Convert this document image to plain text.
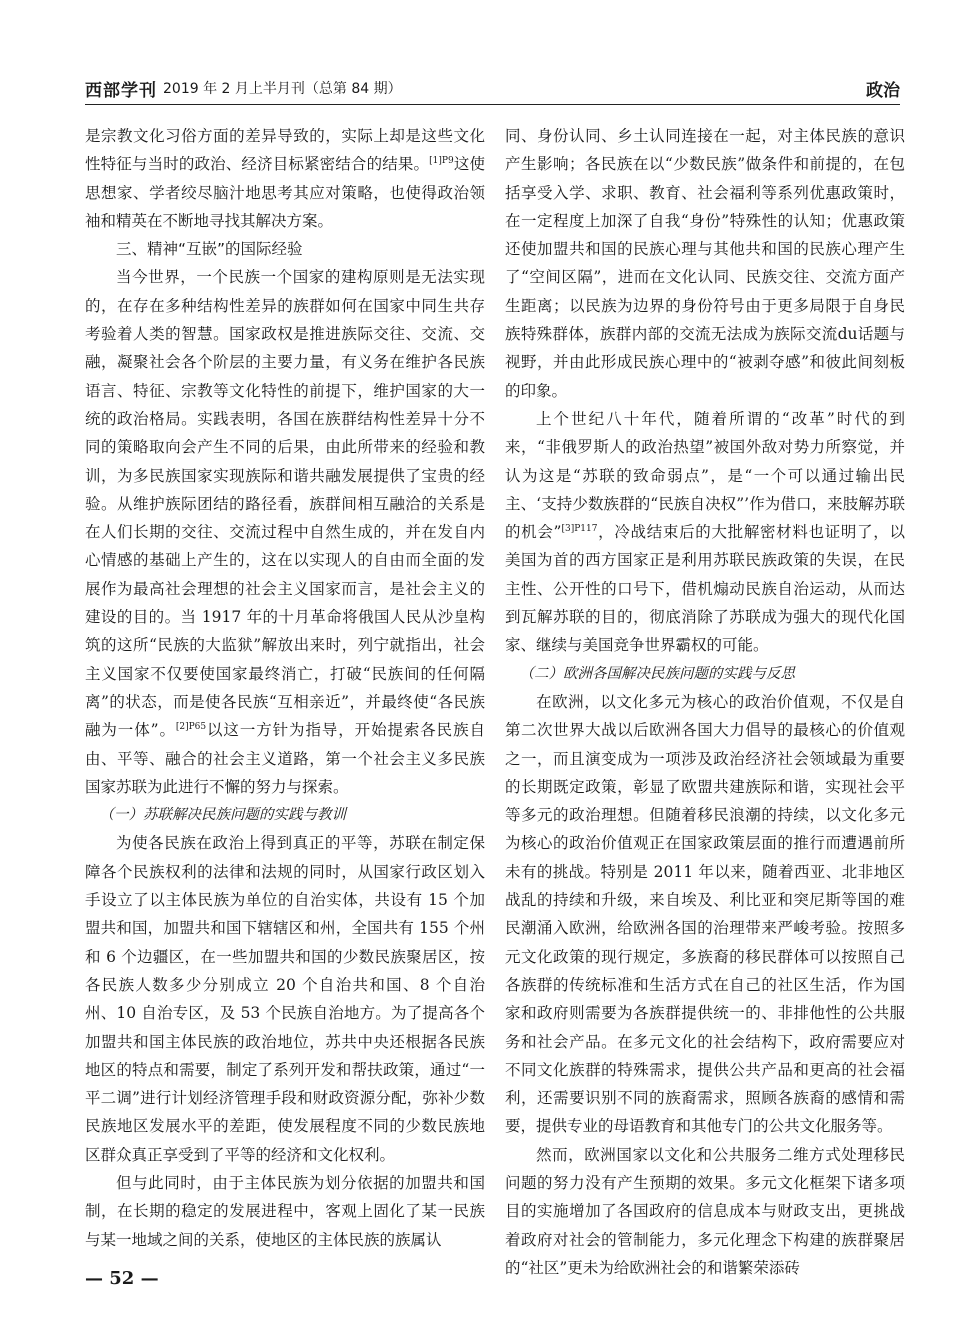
西部学刊 2019 年 2 月上半月刊（总第 84 期）	政治

是宗教文化习俗方面的差异导致的，实际上却是这些文化性特征与当时的政治、经济目标紧密结合的结果。$^{[1]P9}$这使思想家、学者绞尽脑汁地思考其应对策略，也使得政治领袖和精英在不断地寻找其解决方案。

三、精神“互嵌”的国际经验

当今世界，一个民族一个国家的建构原则是无法实现的，在存在多种结构性差异的族群如何在国家中同生共存考验着人类的智慧。国家政权是推进族际交往、交流、交融，凝聚社会各个阶层的主要力量，有义务在维护各民族语言、特征、宗教等文化特性的前提下，维护国家的大一统的政治格局。实践表明，各国在族群结构性差异十分不同的策略取向会产生不同的后果，由此所带来的经验和教训，为多民族国家实现族际和谐共融发展提供了宝贵的经验。从维护族际团结的路径看，族群间相互融洽的关系是在人们长期的交往、交流过程中自然生成的，并在发自内心情感的基础上产生的，这在以实现人的自由而全面的发展作为最高社会理想的社会主义国家而言，是社会主义的建设的目的。当 1917 年的十月革命将俄国人民从沙皇构筑的这所“民族的大监狱”解放出来时，列宁就指出，社会主义国家不仅要使国家最终消亡，打破“民族间的任何隔离”的状态，而是使各民族“互相亲近”，并最终使“各民族融为一体”。$^{[2]P65}$以这一方针为指导，开始提索各民族自由、平等、融合的社会主义道路，第一个社会主义多民族国家苏联为此进行不懈的努力与探索。

（一）苏联解决民族问题的实践与教训

为使各民族在政治上得到真正的平等，苏联在制定保障各个民族权利的法律和法规的同时，从国家行政区划入手设立了以主体民族为单位的自治实体，共设有 15 个加盟共和国，加盟共和国下辖辖区和州，全国共有 155 个州和 6 个边疆区，在一些加盟共和国的少数民族聚居区，按各民族人数多少分别成立 20 个自治共和国、8 个自治州、10 自治专区，及 53 个民族自治地方。为了提高各个加盟共和国主体民族的政治地位，苏共中央还根据各民族地区的特点和需要，制定了系列开发和帮扶政策，通过“一平二调”进行计划经济管理手段和财政资源分配，弥补少数民族地区发展水平的差距，使发展程度不同的少数民族地区群众真正享受到了平等的经济和文化权利。

但与此同时，由于主体民族为划分依据的加盟共和国制，在长期的稳定的发展进程中，客观上固化了某一民族与某一地域之间的关系，使地区的主体民族的族属认

同、身份认同、乡土认同连接在一起，对主体民族的意识产生影响；各民族在以“少数民族”做条件和前提的，在包括享受入学、求职、教育、社会福利等系列优惠政策时，在一定程度上加深了自我“身份”特殊性的认知；优惠政策还使加盟共和国的民族心理与其他共和国的民族心理产生了“空间区隔”，进而在文化认同、民族交往、交流方面产生距离；以民族为边界的身份符号由于更多局限于自身民族特殊群体，族群内部的交流无法成为族际交流du话题与视野，并由此形成民族心理中的“被剥夺感”和彼此间刻板的印象。

上个世纪八十年代，随着所谓的“改革”时代的到来，“非俄罗斯人的政治热望”被国外敌对势力所察觉，并认为这是“苏联的致命弱点”，是“一个可以通过输出民主、‘支持少数族群的“民族自决权”’作为借口，来肢解苏联的机会”$^{[3]P117}$，冷战结束后的大批解密材料也证明了，以美国为首的西方国家正是利用苏联民族政策的失误，在民主性、公开性的口号下，借机煽动民族自治运动，从而达到瓦解苏联的目的，彻底消除了苏联成为强大的现代化国家、继续与美国竞争世界霸权的可能。

（二）欧洲各国解决民族问题的实践与反思

在欧洲，以文化多元为核心的政治价值观，不仅是自第二次世界大战以后欧洲各国大力倡导的最核心的价值观之一，而且演变成为一项涉及政治经济社会领域最为重要的长期既定政策，彰显了欧盟共建族际和谐，实现社会平等多元的政治理想。但随着移民浪潮的持续，以文化多元为核心的政治价值观正在国家政策层面的推行而遭遇前所未有的挑战。特别是 2011 年以来，随着西亚、北非地区战乱的持续和升级，来自埃及、利比亚和突尼斯等国的难民潮涌入欧洲，给欧洲各国的治理带来严峻考验。按照多元文化政策的现行规定，多族裔的移民群体可以按照自己各族群的传统标准和生活方式在自己的社区生活，作为国家和政府则需要为各族群提供统一的、非排他性的公共服务和社会产品。在多元文化的社会结构下，政府需要应对不同文化族群的特殊需求，提供公共产品和更高的社会福利，还需要识别不同的族裔需求，照顾各族裔的感情和需要，提供专业的母语教育和其他专门的公共文化服务等。

然而，欧洲国家以文化和公共服务二维方式处理移民问题的努力没有产生预期的效果。多元文化框架下诸多项目的实施增加了各国政府的信息成本与财政支出，更挑战着政府对社会的管制能力，多元化理念下构建的族群聚居的“社区”更未为给欧洲社会的和谐繁荣添砖

— 52 —
